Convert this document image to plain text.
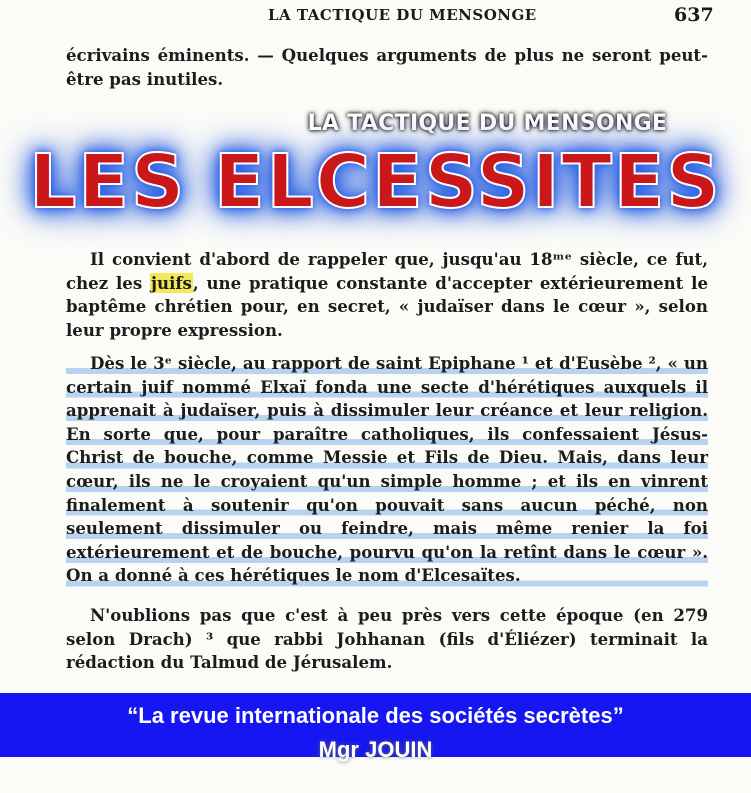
LA TACTIQUE DU MENSONGE	637
écrivains éminents. — Quelques arguments de plus ne seront peut-être pas inutiles.
Il convient d'abord de rappeler que, jusqu'au 18ᵐᵉ siècle, ce fut, chez les juifs, une pratique constante d'accepter extérieurement le baptême chrétien pour, en secret, « judaïser dans le cœur », selon leur propre expression.
Dès le 3ᵉ siècle, au rapport de saint Epiphane ¹ et d'Eusèbe ², « un certain juif nommé Elxaï fonda une secte d'hérétiques auxquels il apprenait à judaïser, puis à dissimuler leur créance et leur religion. En sorte que, pour paraître catholiques, ils confessaient Jésus-Christ de bouche, comme Messie et Fils de Dieu. Mais, dans leur cœur, ils ne le croyaient qu'un simple homme ; et ils en vinrent finalement à soutenir qu'on pouvait sans aucun péché, non seulement dissimuler ou feindre, mais même renier la foi extérieurement et de bouche, pourvu qu'on la retînt dans le cœur ». On a donné à ces hérétiques le nom d'Elcesaïtes.
N'oublions pas que c'est à peu près vers cette époque (en 279 selon Drach) ³ que rabbi Johhanan (fils d'Éliézer) terminait la rédaction du Talmud de Jérusalem.
LA TACTIQUE DU MENSONGE
LES ELCESSITES
“La revue internationale des sociétés secrètes”
Mgr JOUIN
